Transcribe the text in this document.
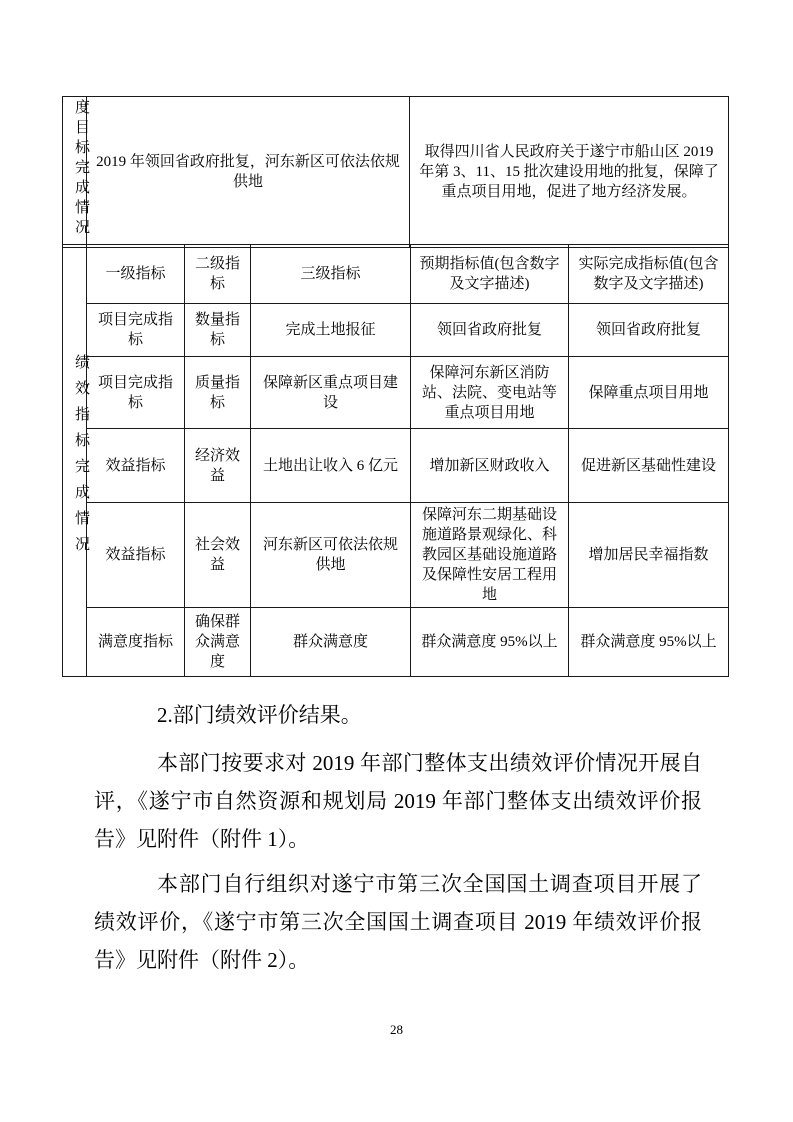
度目标完成情况	2019 年领回省政府批复，河东新区可依法依规供地	取得四川省人民政府关于遂宁市船山区 2019 年第 3、11、15 批次建设用地的批复，保障了重点项目用地，促进了地方经济发展。
绩效指标完成情况	一级指标	二级指标	三级指标	预期指标值(包含数字及文字描述)	实际完成指标值(包含数字及文字描述)
	项目完成指标	数量指标	完成土地报征	领回省政府批复	领回省政府批复
	项目完成指标	质量指标	保障新区重点项目建设	保障河东新区消防站、法院、变电站等重点项目用地	保障重点项目用地
	效益指标	经济效益	土地出让收入 6 亿元	增加新区财政收入	促进新区基础性建设
	效益指标	社会效益	河东新区可依法依规供地	保障河东二期基础设施道路景观绿化、科教园区基础设施道路及保障性安居工程用地	增加居民幸福指数
	满意度指标	确保群众满意度	群众满意度	群众满意度 95%以上	群众满意度 95%以上

2.部门绩效评价结果。

本部门按要求对 2019 年部门整体支出绩效评价情况开展自评，《遂宁市自然资源和规划局 2019 年部门整体支出绩效评价报告》见附件（附件 1）。

本部门自行组织对遂宁市第三次全国国土调查项目开展了绩效评价，《遂宁市第三次全国国土调查项目 2019 年绩效评价报告》见附件（附件 2）。

28
